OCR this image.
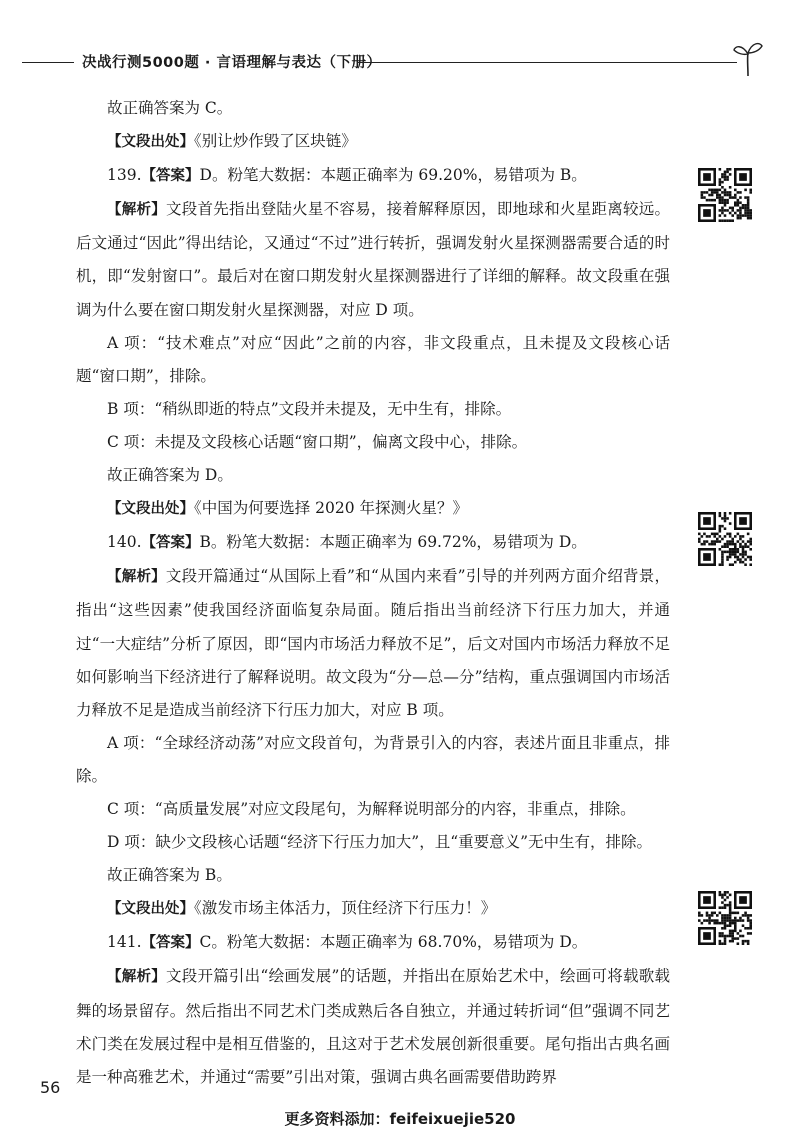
决战行测5000题 · 言语理解与表达（下册）

故正确答案为 C。

【文段出处】《别让炒作毁了区块链》

139.【答案】D。粉笔大数据：本题正确率为 69.20%，易错项为 B。

【解析】文段首先指出登陆火星不容易，接着解释原因，即地球和火星距离较远。后文通过“因此”得出结论，又通过“不过”进行转折，强调发射火星探测器需要合适的时机，即“发射窗口”。最后对在窗口期发射火星探测器进行了详细的解释。故文段重在强调为什么要在窗口期发射火星探测器，对应 D 项。

A 项：“技术难点”对应“因此”之前的内容，非文段重点，且未提及文段核心话题“窗口期”，排除。

B 项：“稍纵即逝的特点”文段并未提及，无中生有，排除。

C 项：未提及文段核心话题“窗口期”，偏离文段中心，排除。

故正确答案为 D。

【文段出处】《中国为何要选择 2020 年探测火星？》

140.【答案】B。粉笔大数据：本题正确率为 69.72%，易错项为 D。

【解析】文段开篇通过“从国际上看”和“从国内来看”引导的并列两方面介绍背景，指出“这些因素”使我国经济面临复杂局面。随后指出当前经济下行压力加大，并通过“一大症结”分析了原因，即“国内市场活力释放不足”，后文对国内市场活力释放不足如何影响当下经济进行了解释说明。故文段为“分—总—分”结构，重点强调国内市场活力释放不足是造成当前经济下行压力加大，对应 B 项。

A 项：“全球经济动荡”对应文段首句，为背景引入的内容，表述片面且非重点，排除。

C 项：“高质量发展”对应文段尾句，为解释说明部分的内容，非重点，排除。

D 项：缺少文段核心话题“经济下行压力加大”，且“重要意义”无中生有，排除。

故正确答案为 B。

【文段出处】《激发市场主体活力，顶住经济下行压力！》

141.【答案】C。粉笔大数据：本题正确率为 68.70%，易错项为 D。

【解析】文段开篇引出“绘画发展”的话题，并指出在原始艺术中，绘画可将载歌载舞的场景留存。然后指出不同艺术门类成熟后各自独立，并通过转折词“但”强调不同艺术门类在发展过程中是相互借鉴的，且这对于艺术发展创新很重要。尾句指出古典名画是一种高雅艺术，并通过“需要”引出对策，强调古典名画需要借助跨界

56
更多资料添加：feifeixuejie520
